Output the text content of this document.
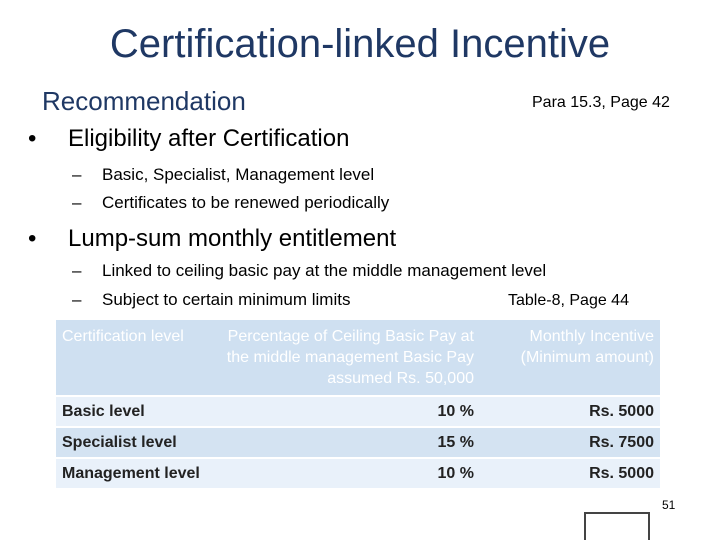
Certification-linked Incentive
Recommendation	Para 15.3, Page 42
•	Eligibility after Certification
–	Basic, Specialist, Management level
–	Certificates to be renewed periodically
•	Lump-sum monthly entitlement
–	Linked to ceiling basic pay at the middle management level
–	Subject to certain minimum limits	Table-8, Page 44
Certification level	Percentage of Ceiling Basic Pay at the middle management Basic Pay assumed Rs. 50,000	Monthly Incentive (Minimum amount)
Basic level	10 %	Rs. 5000
Specialist level	15 %	Rs. 7500
Management level	10 %	Rs. 5000
51
